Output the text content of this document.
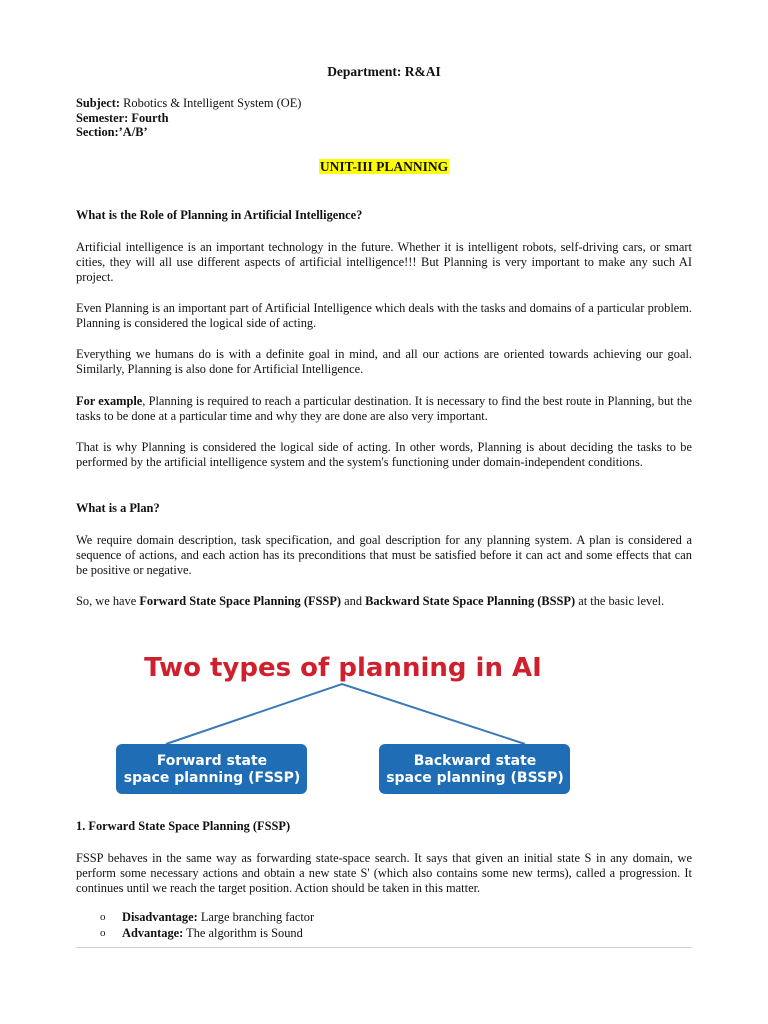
Department: R&AI
Subject: Robotics & Intelligent System (OE)
Semester: Fourth
Section:’A/B’
UNIT-III PLANNING
What is the Role of Planning in Artificial Intelligence?
Artificial intelligence is an important technology in the future. Whether it is intelligent robots, self-driving cars, or smart cities, they will all use different aspects of artificial intelligence!!! But Planning is very important to make any such AI project.
Even Planning is an important part of Artificial Intelligence which deals with the tasks and domains of a particular problem. Planning is considered the logical side of acting.
Everything we humans do is with a definite goal in mind, and all our actions are oriented towards achieving our goal. Similarly, Planning is also done for Artificial Intelligence.
For example, Planning is required to reach a particular destination. It is necessary to find the best route in Planning, but the tasks to be done at a particular time and why they are done are also very important.
That is why Planning is considered the logical side of acting. In other words, Planning is about deciding the tasks to be performed by the artificial intelligence system and the system's functioning under domain-independent conditions.
What is a Plan?
We require domain description, task specification, and goal description for any planning system. A plan is considered a sequence of actions, and each action has its preconditions that must be satisfied before it can act and some effects that can be positive or negative.
So, we have Forward State Space Planning (FSSP) and Backward State Space Planning (BSSP) at the basic level.
Two types of planning in AI
Forward state
space planning (FSSP)
Backward state
space planning (BSSP)
1. Forward State Space Planning (FSSP)
FSSP behaves in the same way as forwarding state-space search. It says that given an initial state S in any domain, we perform some necessary actions and obtain a new state S' (which also contains some new terms), called a progression. It continues until we reach the target position. Action should be taken in this matter.
o	Disadvantage: Large branching factor
o	Advantage: The algorithm is Sound
